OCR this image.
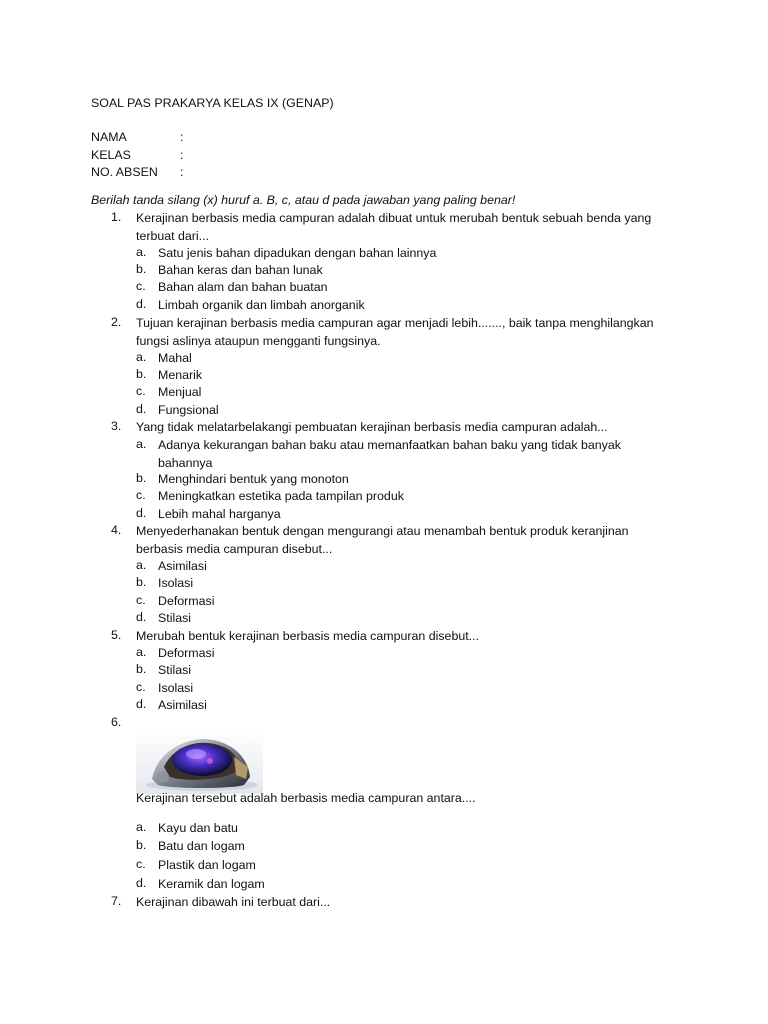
SOAL PAS PRAKARYA KELAS IX (GENAP)
NAMA	:
KELAS	:
NO. ABSEN :
Berilah tanda silang (x) huruf a. B, c, atau d pada jawaban yang paling benar!
1.	Kerajinan berbasis media campuran adalah dibuat untuk merubah bentuk sebuah benda yang
terbuat dari...
a. Satu jenis bahan dipadukan dengan bahan lainnya
b. Bahan keras dan bahan lunak
c. Bahan alam dan bahan buatan
d. Limbah organik dan limbah anorganik
2.	Tujuan kerajinan berbasis media campuran agar menjadi lebih......., baik tanpa menghilangkan
fungsi aslinya ataupun mengganti fungsinya.
a. Mahal
b. Menarik
c. Menjual
d. Fungsional
3.	Yang tidak melatarbelakangi pembuatan kerajinan berbasis media campuran adalah...
a. Adanya kekurangan bahan baku atau memanfaatkan bahan baku yang tidak banyak
bahannya
b. Menghindari bentuk yang monoton
c. Meningkatkan estetika pada tampilan produk
d. Lebih mahal harganya
4.	Menyederhanakan bentuk dengan mengurangi atau menambah bentuk produk keranjinan
berbasis media campuran disebut...
a. Asimilasi
b. Isolasi
c. Deformasi
d. Stilasi
5.	Merubah bentuk kerajinan berbasis media campuran disebut...
a. Deformasi
b. Stilasi
c. Isolasi
d. Asimilasi
6.
Kerajinan tersebut adalah berbasis media campuran antara....
a. Kayu dan batu
b. Batu dan logam
c. Plastik dan logam
d. Keramik dan logam
7.	Kerajinan dibawah ini terbuat dari...
